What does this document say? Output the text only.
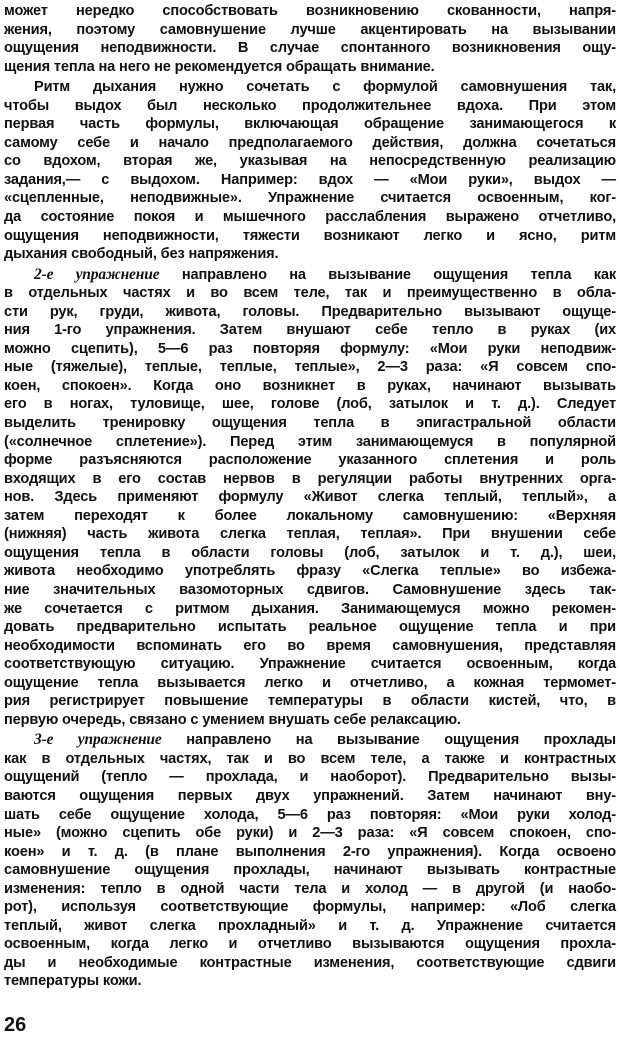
может нередко способствовать возникновению скованности, напря-
жения, поэтому самовнушение лучше акцентировать на вызывании
ощущения неподвижности. В случае спонтанного возникновения ощу-
щения тепла на него не рекомендуется обращать внимание.
Ритм дыхания нужно сочетать с формулой самовнушения так,
чтобы выдох был несколько продолжительнее вдоха. При этом
первая часть формулы, включающая обращение занимающегося к
самому себе и начало предполагаемого действия, должна сочетаться
со вдохом, вторая же, указывая на непосредственную реализацию
задания,— с выдохом. Например: вдох — «Мои руки», выдох —
«сцепленные, неподвижные». Упражнение считается освоенным, ког-
да состояние покоя и мышечного расслабления выражено отчетливо,
ощущения неподвижности, тяжести возникают легко и ясно, ритм
дыхания свободный, без напряжения.
2-е упражнение направлено на вызывание ощущения тепла как
в отдельных частях и во всем теле, так и преимущественно в обла-
сти рук, груди, живота, головы. Предварительно вызывают ощуще-
ния 1-го упражнения. Затем внушают себе тепло в руках (их
можно сцепить), 5—6 раз повторяя формулу: «Мои руки неподвиж-
ные (тяжелые), теплые, теплые, теплые», 2—3 раза: «Я совсем спо-
коен, спокоен». Когда оно возникнет в руках, начинают вызывать
его в ногах, туловище, шее, голове (лоб, затылок и т. д.). Следует
выделить тренировку ощущения тепла в эпигастральной области
(«солнечное сплетение»). Перед этим занимающемуся в популярной
форме разъясняются расположение указанного сплетения и роль
входящих в его состав нервов в регуляции работы внутренних орга-
нов. Здесь применяют формулу «Живот слегка теплый, теплый», а
затем переходят к более локальному самовнушению: «Верхняя
(нижняя) часть живота слегка теплая, теплая». При внушении себе
ощущения тепла в области головы (лоб, затылок и т. д.), шеи,
живота необходимо употреблять фразу «Слегка теплые» во избежа-
ние значительных вазомоторных сдвигов. Самовнушение здесь так-
же сочетается с ритмом дыхания. Занимающемуся можно рекомен-
довать предварительно испытать реальное ощущение тепла и при
необходимости вспоминать его во время самовнушения, представляя
соответствующую ситуацию. Упражнение считается освоенным, когда
ощущение тепла вызывается легко и отчетливо, а кожная термомет-
рия регистрирует повышение температуры в области кистей, что, в
первую очередь, связано с умением внушать себе релаксацию.
3-е упражнение направлено на вызывание ощущения прохлады
как в отдельных частях, так и во всем теле, а также и контрастных
ощущений (тепло — прохлада, и наоборот). Предварительно вызы-
ваются ощущения первых двух упражнений. Затем начинают вну-
шать себе ощущение холода, 5—6 раз повторяя: «Мои руки холод-
ные» (можно сцепить обе руки) и 2—3 раза: «Я совсем спокоен, спо-
коен» и т. д. (в плане выполнения 2-го упражнения). Когда освоено
самовнушение ощущения прохлады, начинают вызывать контрастные
изменения: тепло в одной части тела и холод — в другой (и наобо-
рот), используя соответствующие формулы, например: «Лоб слегка
теплый, живот слегка прохладный» и т. д. Упражнение считается
освоенным, когда легко и отчетливо вызываются ощущения прохла-
ды и необходимые контрастные изменения, соответствующие сдвиги
температуры кожи.
26
